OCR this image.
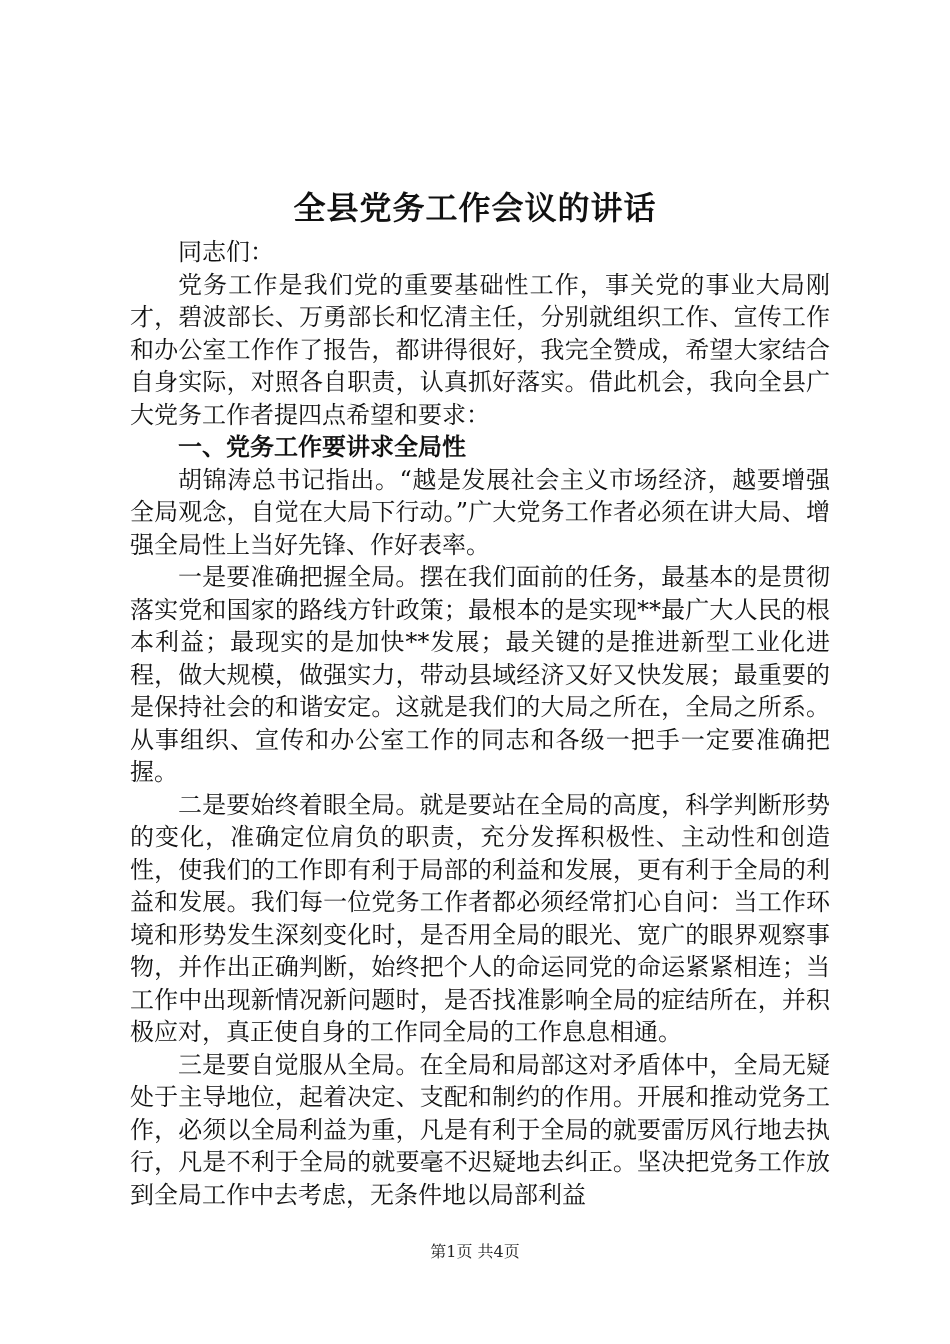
全县党务工作会议的讲话

同志们：

党务工作是我们党的重要基础性工作，事关党的事业大局刚才，碧波部长、万勇部长和忆清主任，分别就组织工作、宣传工作和办公室工作作了报告，都讲得很好，我完全赞成，希望大家结合自身实际，对照各自职责，认真抓好落实。借此机会，我向全县广大党务工作者提四点希望和要求：

一、党务工作要讲求全局性

胡锦涛总书记指出。“越是发展社会主义市场经济，越要增强全局观念，自觉在大局下行动。”广大党务工作者必须在讲大局、增强全局性上当好先锋、作好表率。

一是要准确把握全局。摆在我们面前的任务，最基本的是贯彻落实党和国家的路线方针政策；最根本的是实现**最广大人民的根本利益；最现实的是加快**发展；最关键的是推进新型工业化进程，做大规模，做强实力，带动县域经济又好又快发展；最重要的是保持社会的和谐安定。这就是我们的大局之所在，全局之所系。从事组织、宣传和办公室工作的同志和各级一把手一定要准确把握。

二是要始终着眼全局。就是要站在全局的高度，科学判断形势的变化，准确定位肩负的职责，充分发挥积极性、主动性和创造性，使我们的工作即有利于局部的利益和发展，更有利于全局的利益和发展。我们每一位党务工作者都必须经常扪心自问：当工作环境和形势发生深刻变化时，是否用全局的眼光、宽广的眼界观察事物，并作出正确判断，始终把个人的命运同党的命运紧紧相连；当工作中出现新情况新问题时，是否找准影响全局的症结所在，并积极应对，真正使自身的工作同全局的工作息息相通。

三是要自觉服从全局。在全局和局部这对矛盾体中，全局无疑处于主导地位，起着决定、支配和制约的作用。开展和推动党务工作，必须以全局利益为重，凡是有利于全局的就要雷厉风行地去执行，凡是不利于全局的就要毫不迟疑地去纠正。坚决把党务工作放到全局工作中去考虑，无条件地以局部利益

第1页 共4页
